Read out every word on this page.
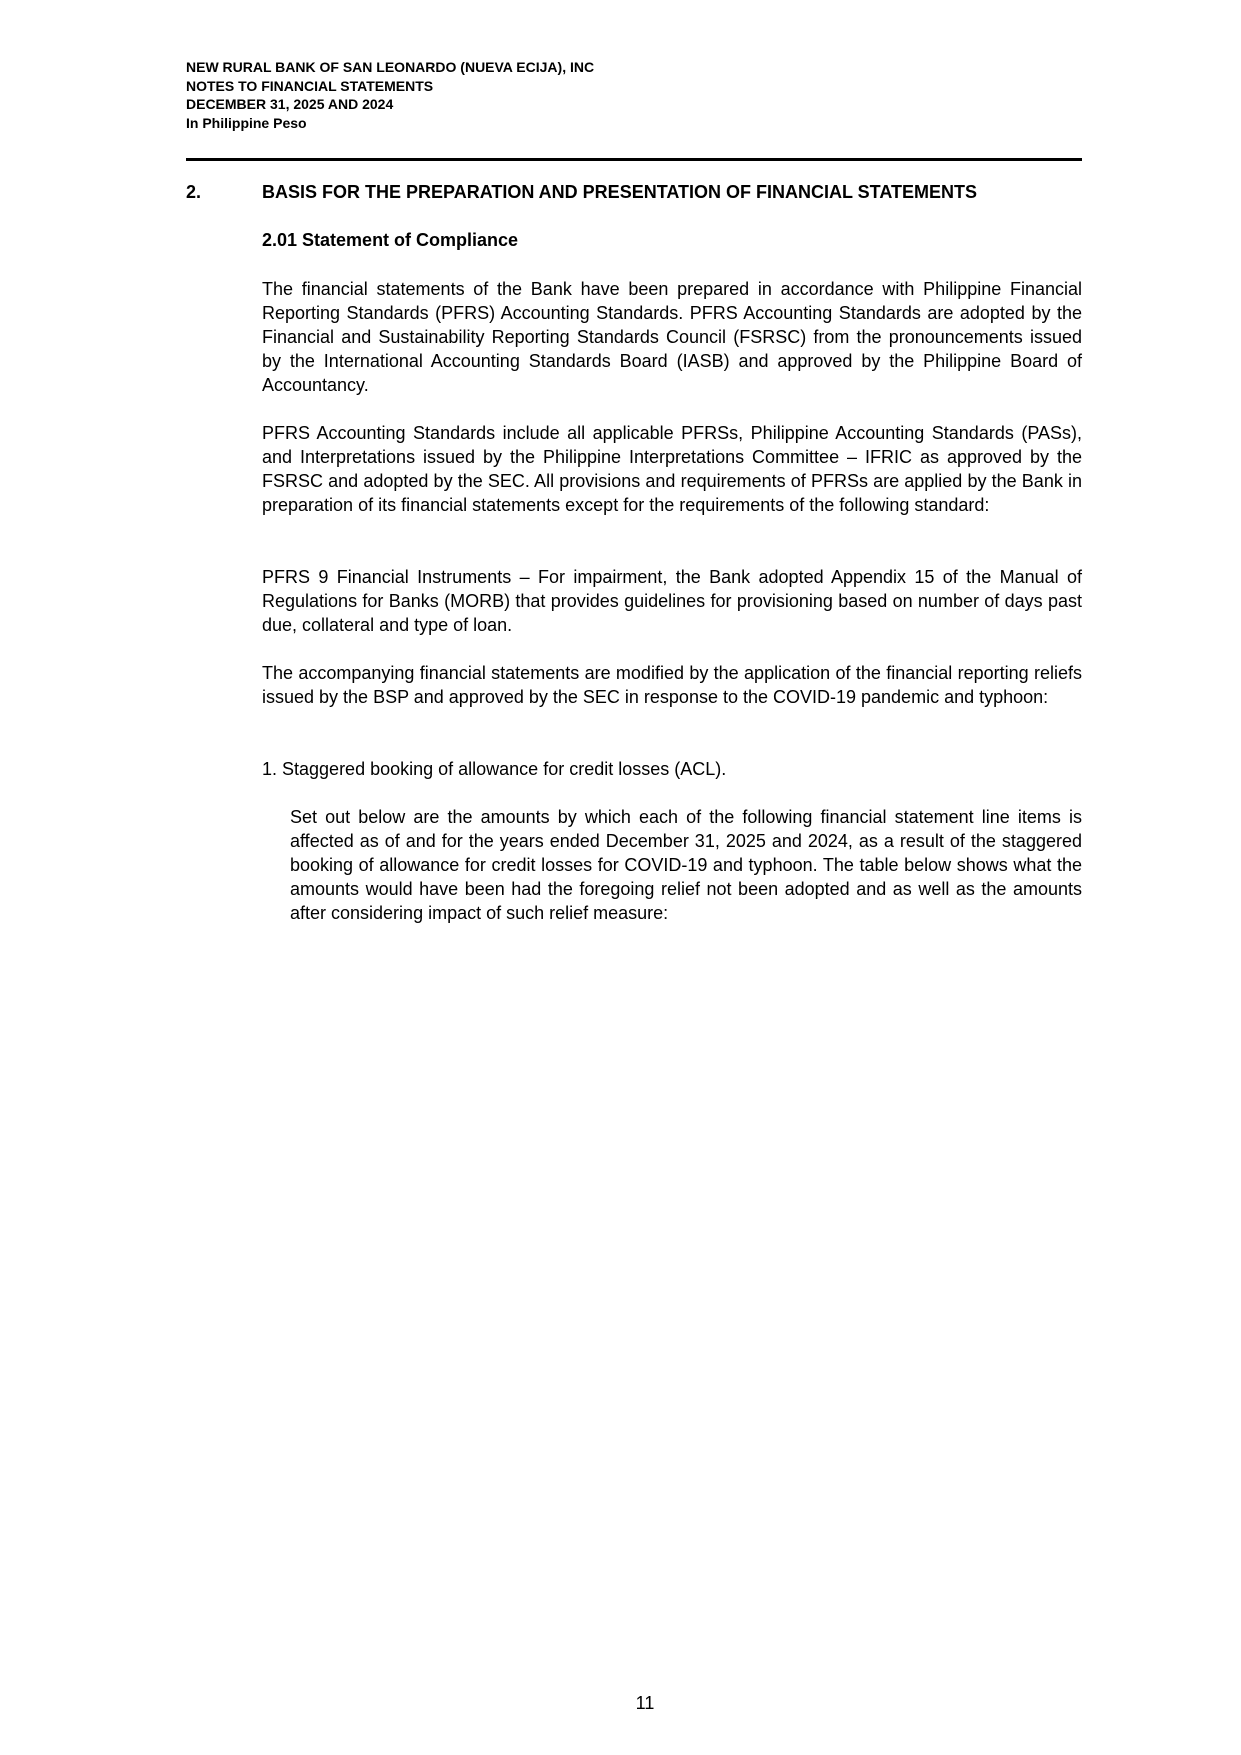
NEW RURAL BANK OF SAN LEONARDO (NUEVA ECIJA), INC
NOTES TO FINANCIAL STATEMENTS
DECEMBER 31, 2025 AND 2024
In Philippine Peso
2.	BASIS FOR THE PREPARATION AND PRESENTATION OF FINANCIAL STATEMENTS
2.01 Statement of Compliance

The financial statements of the Bank have been prepared in accordance with Philippine Financial Reporting Standards (PFRS) Accounting Standards. PFRS Accounting Standards are adopted by the Financial and Sustainability Reporting Standards Council (FSRSC) from the pronouncements issued by the International Accounting Standards Board (IASB) and approved by the Philippine Board of Accountancy.

PFRS Accounting Standards include all applicable PFRSs, Philippine Accounting Standards (PASs), and Interpretations issued by the Philippine Interpretations Committee – IFRIC as approved by the FSRSC and adopted by the SEC. All provisions and requirements of PFRSs are applied by the Bank in preparation of its financial statements except for the requirements of the following standard:

PFRS 9 Financial Instruments – For impairment, the Bank adopted Appendix 15 of the Manual of Regulations for Banks (MORB) that provides guidelines for provisioning based on number of days past due, collateral and type of loan.

The accompanying financial statements are modified by the application of the financial reporting reliefs issued by the BSP and approved by the SEC in response to the COVID-19 pandemic and typhoon:

1. Staggered booking of allowance for credit losses (ACL).

Set out below are the amounts by which each of the following financial statement line items is affected as of and for the years ended December 31, 2025 and 2024, as a result of the staggered booking of allowance for credit losses for COVID-19 and typhoon. The table below shows what the amounts would have been had the foregoing relief not been adopted and as well as the amounts after considering impact of such relief measure:

11
